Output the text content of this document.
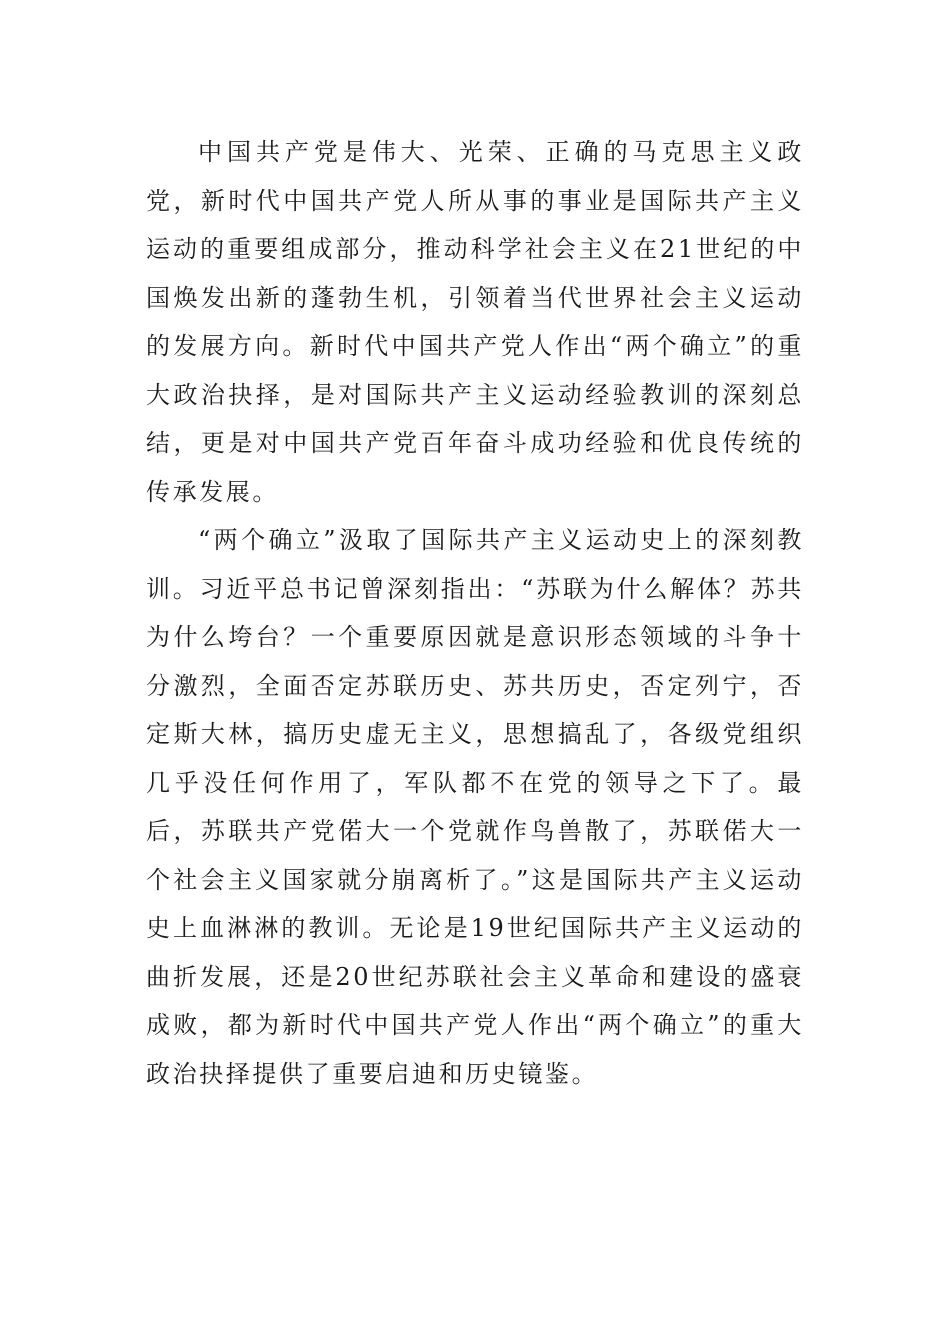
中国共产党是伟大、光荣、正确的马克思主义政党，新时代中国共产党人所从事的事业是国际共产主义运动的重要组成部分，推动科学社会主义在21世纪的中国焕发出新的蓬勃生机，引领着当代世界社会主义运动的发展方向。新时代中国共产党人作出“两个确立”的重大政治抉择，是对国际共产主义运动经验教训的深刻总结，更是对中国共产党百年奋斗成功经验和优良传统的传承发展。

“两个确立”汲取了国际共产主义运动史上的深刻教训。习近平总书记曾深刻指出：“苏联为什么解体？苏共为什么垮台？一个重要原因就是意识形态领域的斗争十分激烈，全面否定苏联历史、苏共历史，否定列宁，否定斯大林，搞历史虚无主义，思想搞乱了，各级党组织几乎没任何作用了，军队都不在党的领导之下了。最后，苏联共产党偌大一个党就作鸟兽散了，苏联偌大一个社会主义国家就分崩离析了。”这是国际共产主义运动史上血淋淋的教训。无论是19世纪国际共产主义运动的曲折发展，还是20世纪苏联社会主义革命和建设的盛衰成败，都为新时代中国共产党人作出“两个确立”的重大政治抉择提供了重要启迪和历史镜鉴。
